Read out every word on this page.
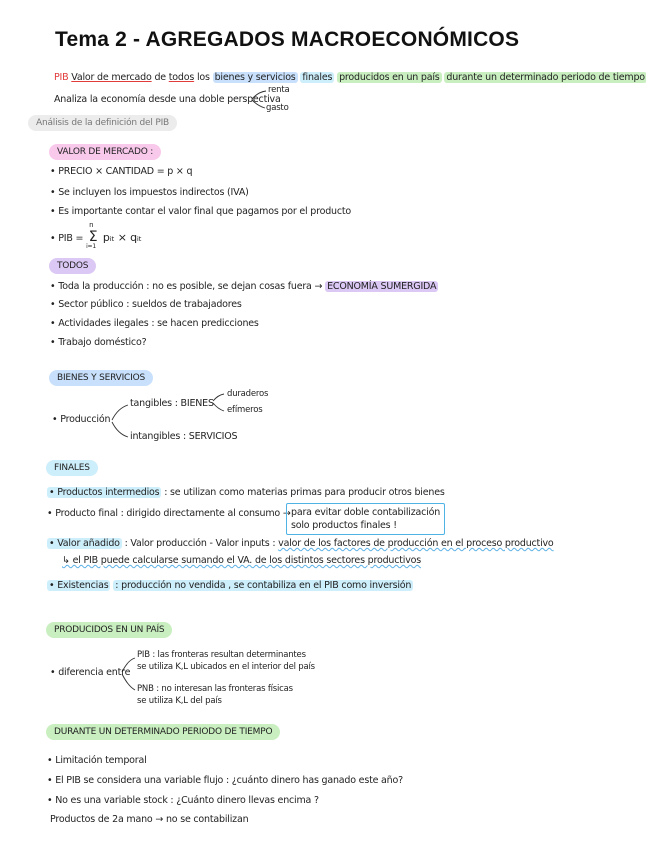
Tema 2 - AGREGADOS MACROECONÓMICOS
PIB Valor de mercado de todos los bienes y servicios finales producidos en un país durante un determinado periodo de tiempo
Analiza la economía desde una doble perspectiva
renta
gasto
Análisis de la definición del PIB
VALOR DE MERCADO :
• PRECIO × CANTIDAD = p × q
• Se incluyen los impuestos indirectos (IVA)
• Es importante contar el valor final que pagamos por el producto
• PIB =
n
Σ
i=1
pᵢₜ × qᵢₜ
TODOS
• Toda la producción : no es posible, se dejan cosas fuera → ECONOMÍA SUMERGIDA
• Sector público : sueldos de trabajadores
• Actividades ilegales : se hacen predicciones
• Trabajo doméstico?
BIENES Y SERVICIOS
• Producción
tangibles : BIENES
duraderos
efímeros
intangibles : SERVICIOS
FINALES
• Productos intermedios : se utilizan como materias primas para producir otros bienes
• Producto final : dirigido directamente al consumo → para evitar doble contabilización
solo productos finales !
• Valor añadido : Valor producción - Valor inputs : valor de los factores de producción en el proceso productivo
↳ el PIB puede calcularse sumando el VA. de los distintos sectores productivos
• Existencias : producción no vendida , se contabiliza en el PIB como inversión
PRODUCIDOS EN UN PAÍS
• diferencia entre
PIB : las fronteras resultan determinantes
se utiliza K,L ubicados en el interior del país
PNB : no interesan las fronteras físicas
se utiliza K,L del país
DURANTE UN DETERMINADO PERIODO DE TIEMPO
• Limitación temporal
• El PIB se considera una variable flujo : ¿cuánto dinero has ganado este año?
• No es una variable stock : ¿Cuánto dinero llevas encima ?
Productos de 2a mano → no se contabilizan
